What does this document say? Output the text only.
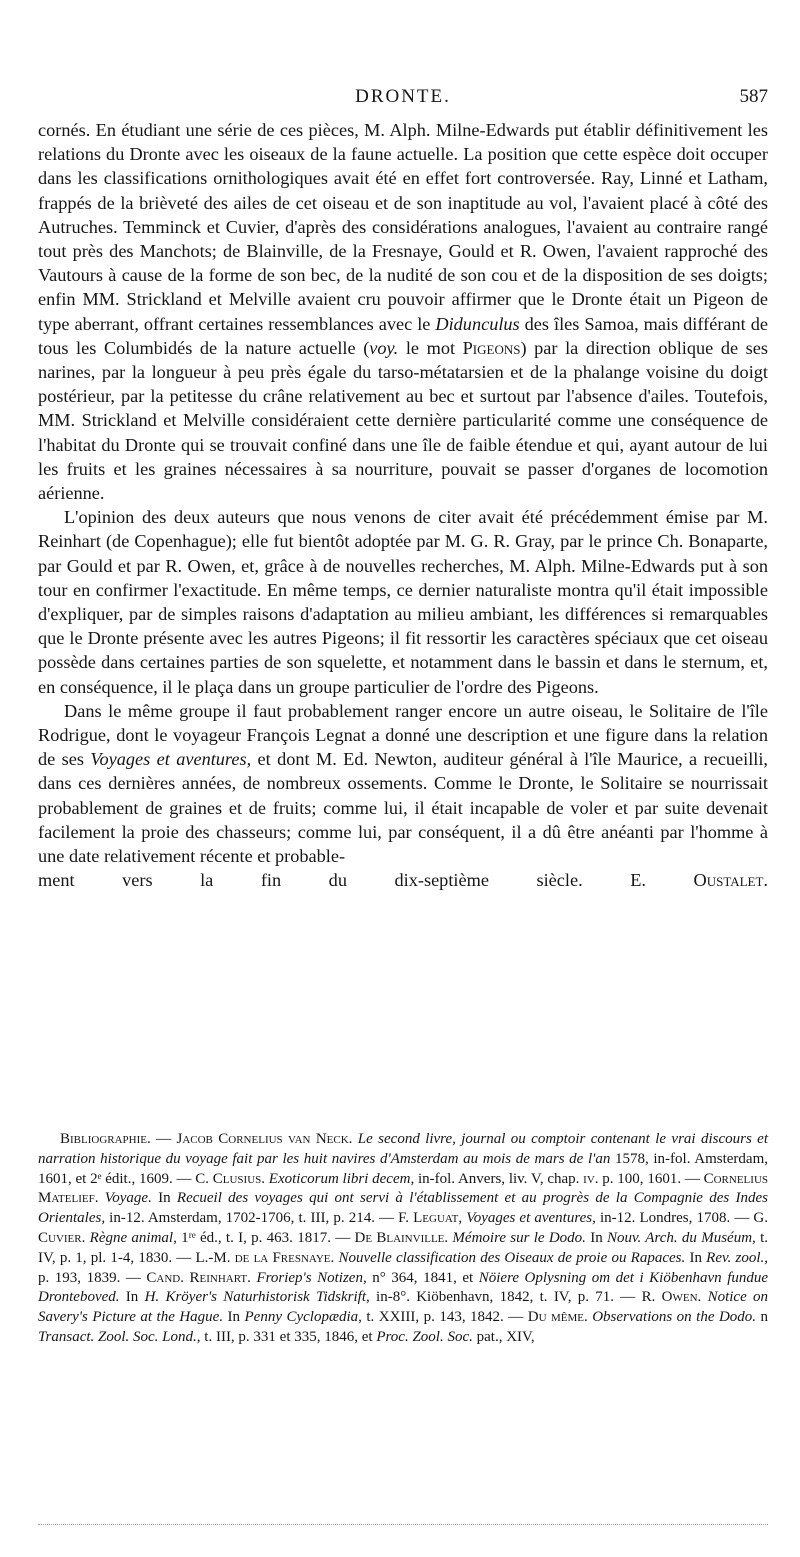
DRONTE.	587

cornés. En étudiant une série de ces pièces, M. Alph. Milne-Edwards put établir définitivement les relations du Dronte avec les oiseaux de la faune actuelle. La position que cette espèce doit occuper dans les classifications ornithologiques avait été en effet fort controversée. Ray, Linné et Latham, frappés de la brièveté des ailes de cet oiseau et de son inaptitude au vol, l'avaient placé à côté des Autruches. Temminck et Cuvier, d'après des considérations analogues, l'avaient au contraire rangé tout près des Manchots; de Blainville, de la Fresnaye, Gould et R. Owen, l'avaient rapproché des Vautours à cause de la forme de son bec, de la nudité de son cou et de la disposition de ses doigts; enfin MM. Strickland et Melville avaient cru pouvoir affirmer que le Dronte était un Pigeon de type aberrant, offrant certaines ressemblances avec le Didunculus des îles Samoa, mais différant de tous les Columbidés de la nature actuelle (voy. le mot Pigeons) par la direction oblique de ses narines, par la longueur à peu près égale du tarso-métatarsien et de la phalange voisine du doigt postérieur, par la petitesse du crâne relativement au bec et surtout par l'absence d'ailes. Toutefois, MM. Strickland et Melville considéraient cette dernière particularité comme une conséquence de l'habitat du Dronte qui se trouvait confiné dans une île de faible étendue et qui, ayant autour de lui les fruits et les graines nécessaires à sa nourriture, pouvait se passer d'organes de locomotion aérienne.

L'opinion des deux auteurs que nous venons de citer avait été précédemment émise par M. Reinhart (de Copenhague); elle fut bientôt adoptée par M. G. R. Gray, par le prince Ch. Bonaparte, par Gould et par R. Owen, et, grâce à de nouvelles recherches, M. Alph. Milne-Edwards put à son tour en confirmer l'exactitude. En même temps, ce dernier naturaliste montra qu'il était impossible d'expliquer, par de simples raisons d'adaptation au milieu ambiant, les différences si remarquables que le Dronte présente avec les autres Pigeons; il fit ressortir les caractères spéciaux que cet oiseau possède dans certaines parties de son squelette, et notamment dans le bassin et dans le sternum, et, en conséquence, il le plaça dans un groupe particulier de l'ordre des Pigeons.

Dans le même groupe il faut probablement ranger encore un autre oiseau, le Solitaire de l'île Rodrigue, dont le voyageur François Legnat a donné une description et une figure dans la relation de ses Voyages et aventures, et dont M. Ed. Newton, auditeur général à l'île Maurice, a recueilli, dans ces dernières années, de nombreux ossements. Comme le Dronte, le Solitaire se nourrissait probablement de graines et de fruits; comme lui, il était incapable de voler et par suite devenait facilement la proie des chasseurs; comme lui, par conséquent, il a dû être anéanti par l'homme à une date relativement récente et probable-

ment vers la fin du dix-septième siècle.	E. Oustalet.

Bibliographie. — Jacob Cornelius van Neck. Le second livre, journal ou comptoir contenant le vrai discours et narration historique du voyage fait par les huit navires d'Amsterdam au mois de mars de l'an 1578, in-fol. Amsterdam, 1601, et 2ᵉ édit., 1609. — C. Clusius. Exoticorum libri decem, in-fol. Anvers, liv. V, chap. iv. p. 100, 1601. — Cornelius Matelief. Voyage. In Recueil des voyages qui ont servi à l'établissement et au progrès de la Compagnie des Indes Orientales, in-12. Amsterdam, 1702-1706, t. III, p. 214. — F. Leguat, Voyages et aventures, in-12. Londres, 1708. — G. Cuvier. Règne animal, 1ʳᵉ éd., t. I, p. 463. 1817. — De Blainville. Mémoire sur le Dodo. In Nouv. Arch. du Muséum, t. IV, p. 1, pl. 1-4, 1830. — L.-M. de la Fresnaye. Nouvelle classification des Oiseaux de proie ou Rapaces. In Rev. zool., p. 193, 1839. — Cand. Reinhart. Froriep's Notizen, n° 364, 1841, et Nöiere Oplysning om det i Kiöbenhavn fundue Dronteboved. In H. Kröyer's Naturhistorisk Tidskrift, in-8°. Kiöbenhavn, 1842, t. IV, p. 71. — R. Owen. Notice on Savery's Picture at the Hague. In Penny Cyclopædia, t. XXIII, p. 143, 1842. — Du même. Observations on the Dodo. n Transact. Zool. Soc. Lond., t. III, p. 331 et 335, 1846, et Proc. Zool. Soc. pat., XIV,
